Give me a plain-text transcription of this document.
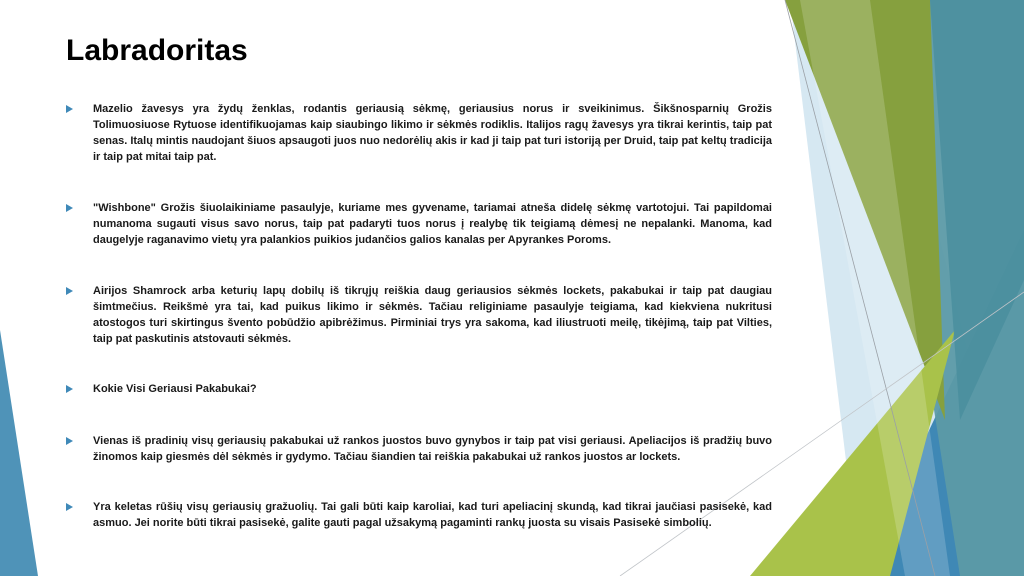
Labradoritas
Mazelio žavesys yra žydų ženklas, rodantis geriausią sėkmę, geriausius norus ir sveikinimus. Šikšnosparnių Grožis Tolimuosiuose Rytuose identifikuojamas kaip siaubingo likimo ir sėkmės rodiklis. Italijos ragų žavesys yra tikrai kerintis, taip pat senas. Italų mintis naudojant šiuos apsaugoti juos nuo nedorėlių akis ir kad ji taip pat turi istoriją per Druid, taip pat keltų tradicija ir taip pat mitai taip pat.
"Wishbone" Grožis šiuolaikiniame pasaulyje, kuriame mes gyvename, tariamai atneša didelę sėkmę vartotojui. Tai papildomai numanoma sugauti visus savo norus, taip pat padaryti tuos norus į realybę tik teigiamą dėmesį ne nepalanki. Manoma, kad daugelyje raganavimo vietų yra palankios puikios judančios galios kanalas per Apyrankes Poroms.
Airijos Shamrock arba keturių lapų dobilų iš tikrųjų reiškia daug geriausios sėkmės lockets, pakabukai ir taip pat daugiau šimtmečius. Reikšmė yra tai, kad puikus likimo ir sėkmės. Tačiau religiniame pasaulyje teigiama, kad kiekviena nukritusi atostogos turi skirtingus švento pobūdžio apibrėžimus. Pirminiai trys yra sakoma, kad iliustruoti meilę, tikėjimą, taip pat Vilties, taip pat paskutinis atstovauti sėkmės.
Kokie Visi Geriausi Pakabukai?
Vienas iš pradinių visų geriausių pakabukai už rankos juostos buvo gynybos ir taip pat visi geriausi. Apeliacijos iš pradžių buvo žinomos kaip giesmės dėl sėkmės ir gydymo. Tačiau šiandien tai reiškia pakabukai už rankos juostos ar lockets.
Yra keletas rūšių visų geriausių gražuolių. Tai gali būti kaip karoliai, kad turi apeliacinį skundą, kad tikrai jaučiasi pasisekė, kad asmuo. Jei norite būti tikrai pasisekė, galite gauti pagal užsakymą pagaminti rankų juosta su visais Pasisekė simbolių.
